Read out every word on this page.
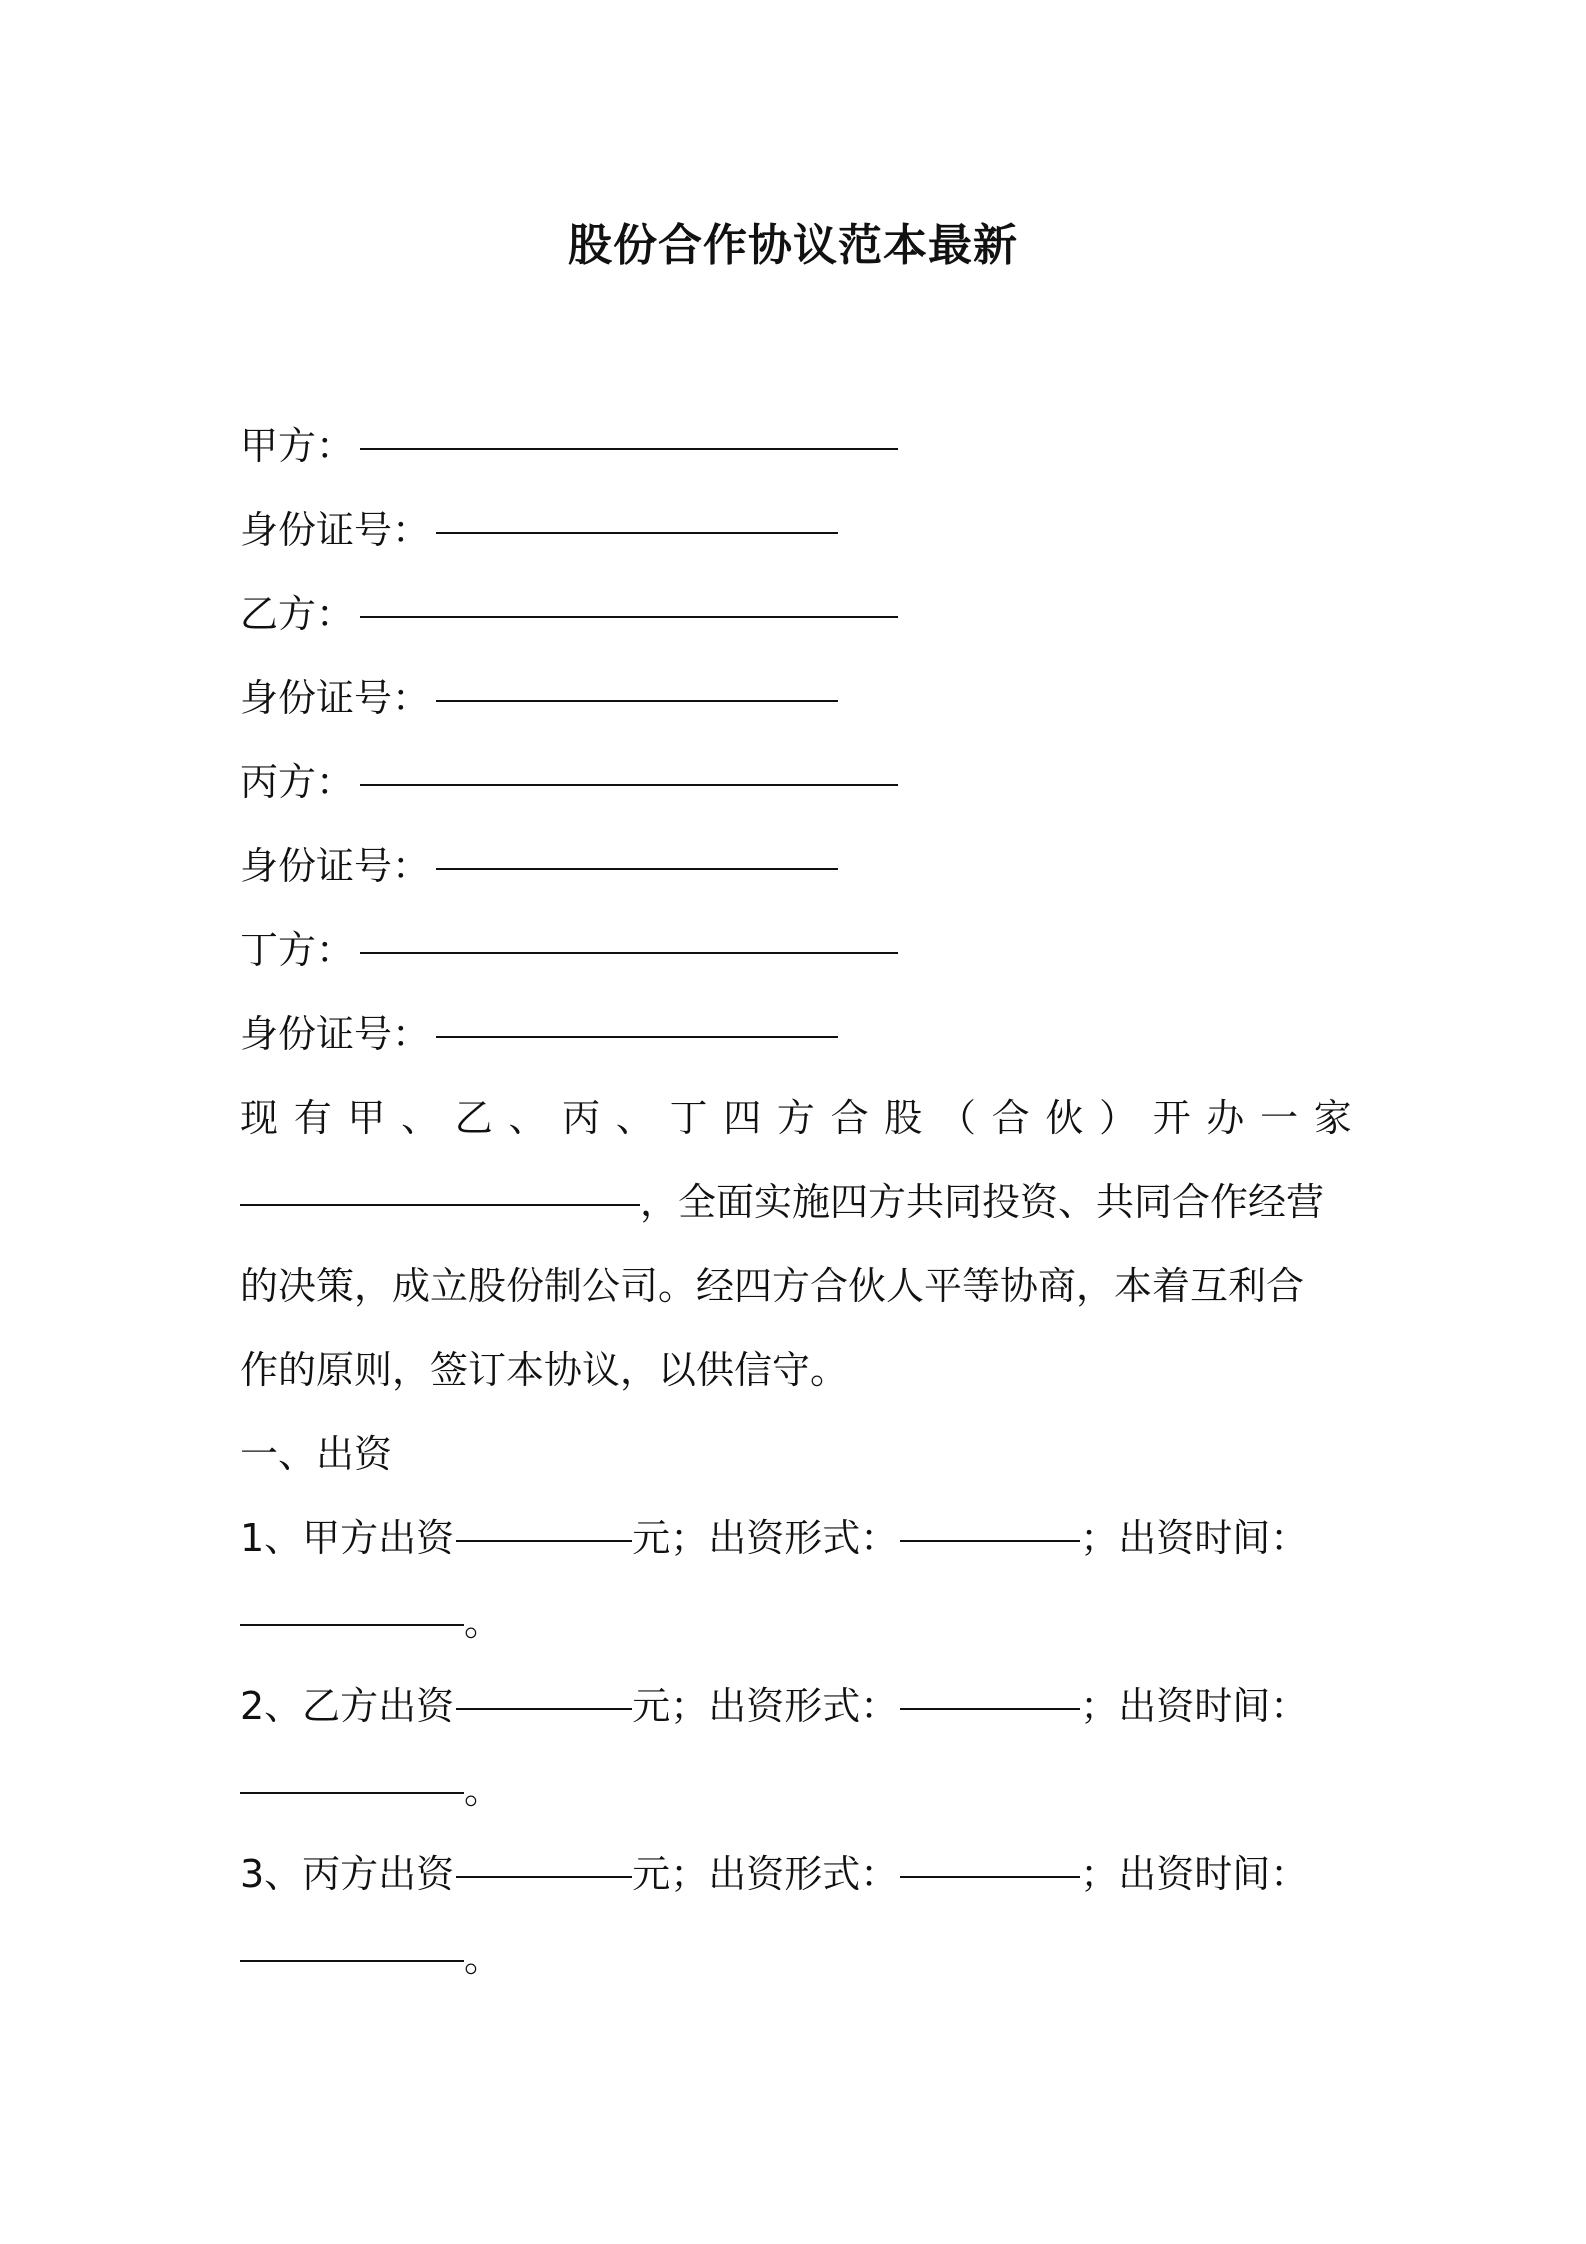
股份合作协议范本最新
甲方：
身份证号：
乙方：
身份证号：
丙方：
身份证号：
丁方：
身份证号：
现 有 甲 、 乙 、 丙 、 丁 四 方 合 股 （ 合 伙 ） 开 办 一 家
，全面实施四方共同投资、共同合作经营
的决策，成立股份制公司。经四方合伙人平等协商，本着互利合
作的原则，签订本协议，以供信守。
一、出资
1、甲方出资	元；出资形式：	；出资时间：
。
2、乙方出资	元；出资形式：	；出资时间：
。
3、丙方出资	元；出资形式：	；出资时间：
。
